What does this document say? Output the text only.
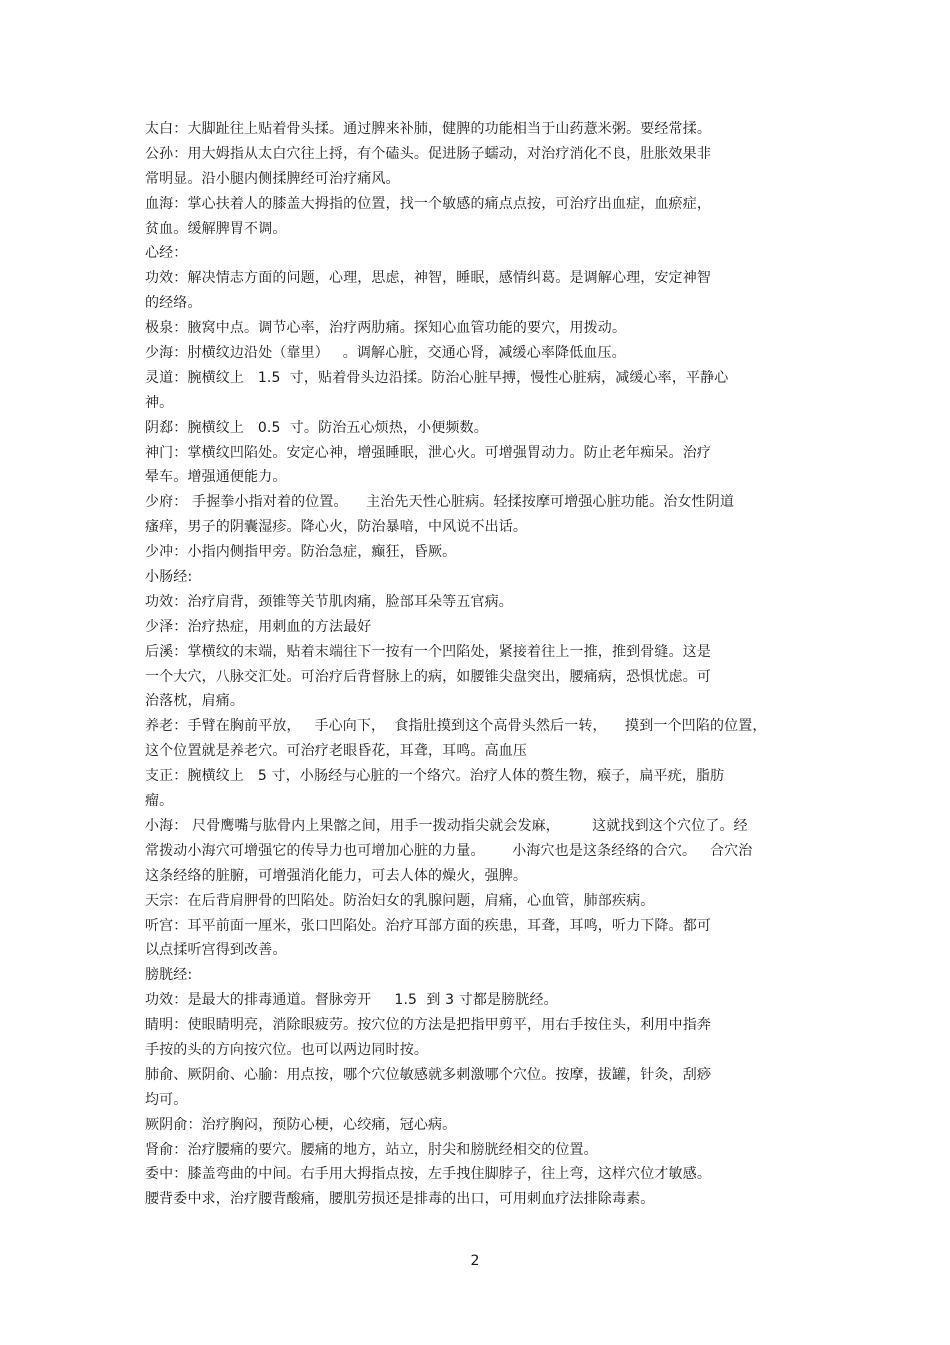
太白：大脚趾往上贴着骨头揉。通过脾来补肺，健脾的功能相当于山药薏米粥。要经常揉。
公孙：用大姆指从太白穴往上捋，有个磕头。促进肠子蠕动，对治疗消化不良，肚胀效果非
常明显。沿小腿内侧揉脾经可治疗痛风。
血海：掌心扶着人的膝盖大拇指的位置，找一个敏感的痛点点按，可治疗出血症，血瘀症，
贫血。缓解脾胃不调。
心经：
功效：解决情志方面的问题，心理，思虑，神智，睡眠，感情纠葛。是调解心理，安定神智
的经络。
极泉：腋窝中点。调节心率，治疗两肋痛。探知心血管功能的要穴，用拨动。
少海：肘横纹边沿处（靠里）   。调解心脏，交通心肾，减缓心率降低血压。
灵道：腕横纹上   1.5  寸，贴着骨头边沿揉。防治心脏早搏，慢性心脏病，减缓心率，平静心
神。
阴郄：腕横纹上   0.5  寸。防治五心烦热，小便频数。
神门：掌横纹凹陷处。安定心神，增强睡眠，泄心火。可增强胃动力。防止老年痴呆。治疗
晕车。增强通便能力。
少府： 手握拳小指对着的位置。    主治先天性心脏病。轻揉按摩可增强心脏功能。治女性阴道
瘙痒，男子的阴囊湿疹。降心火，防治暴喑，中风说不出话。
少冲：小指内侧指甲旁。防治急症，癫狂，昏厥。
小肠经:
功效：治疗肩背，颈锥等关节肌肉痛，脸部耳朵等五官病。
少泽：治疗热症，用刺血的方法最好
后溪：掌横纹的末端，贴着末端往下一按有一个凹陷处，紧接着往上一推，推到骨缝。这是
一个大穴，八脉交汇处。可治疗后背督脉上的病，如腰锥尖盘突出，腰痛病，恐惧忧虑。可
治落枕，肩痛。
养老：手臂在胸前平放，   手心向下，  食指肚摸到这个高骨头然后一转，    摸到一个凹陷的位置，
这个位置就是养老穴。可治疗老眼昏花，耳聋，耳鸣。高血压
支正：腕横纹上   5 寸，小肠经与心脏的一个络穴。治疗人体的赘生物，瘊子，扁平疣，脂肪
瘤。
小海： 尺骨鹰嘴与肱骨内上果髂之间，用手一拨动指尖就会发麻，       这就找到这个穴位了。经
常拨动小海穴可增强它的传导力也可增加心脏的力量。      小海穴也是这条经络的合穴。   合穴治
这条经络的脏腑，可增强消化能力，可去人体的燥火，强脾。
天宗：在后背肩胛骨的凹陷处。防治妇女的乳腺问题，肩痛，心血管，肺部疾病。
听宫：耳平前面一厘米，张口凹陷处。治疗耳部方面的疾患，耳聋，耳鸣，听力下降。都可
以点揉听宫得到改善。
膀胱经:
功效：是最大的排毒通道。督脉旁开     1.5  到 3 寸都是膀胱经。
睛明：使眼睛明亮，消除眼疲劳。按穴位的方法是把指甲剪平，用右手按住头，利用中指奔
手按的头的方向按穴位。也可以两边同时按。
肺俞、厥阴俞、心腧：用点按，哪个穴位敏感就多刺激哪个穴位。按摩，拔罐，针灸，刮痧
均可。
厥阴俞：治疗胸闷，预防心梗，心绞痛，冠心病。
肾俞：治疗腰痛的要穴。腰痛的地方，站立，肘尖和膀胱经相交的位置。
委中：膝盖弯曲的中间。右手用大拇指点按，左手拽住脚脖子，往上弯，这样穴位才敏感。
腰背委中求，治疗腰背酸痛，腰肌劳损还是排毒的出口，可用刺血疗法排除毒素。
2
